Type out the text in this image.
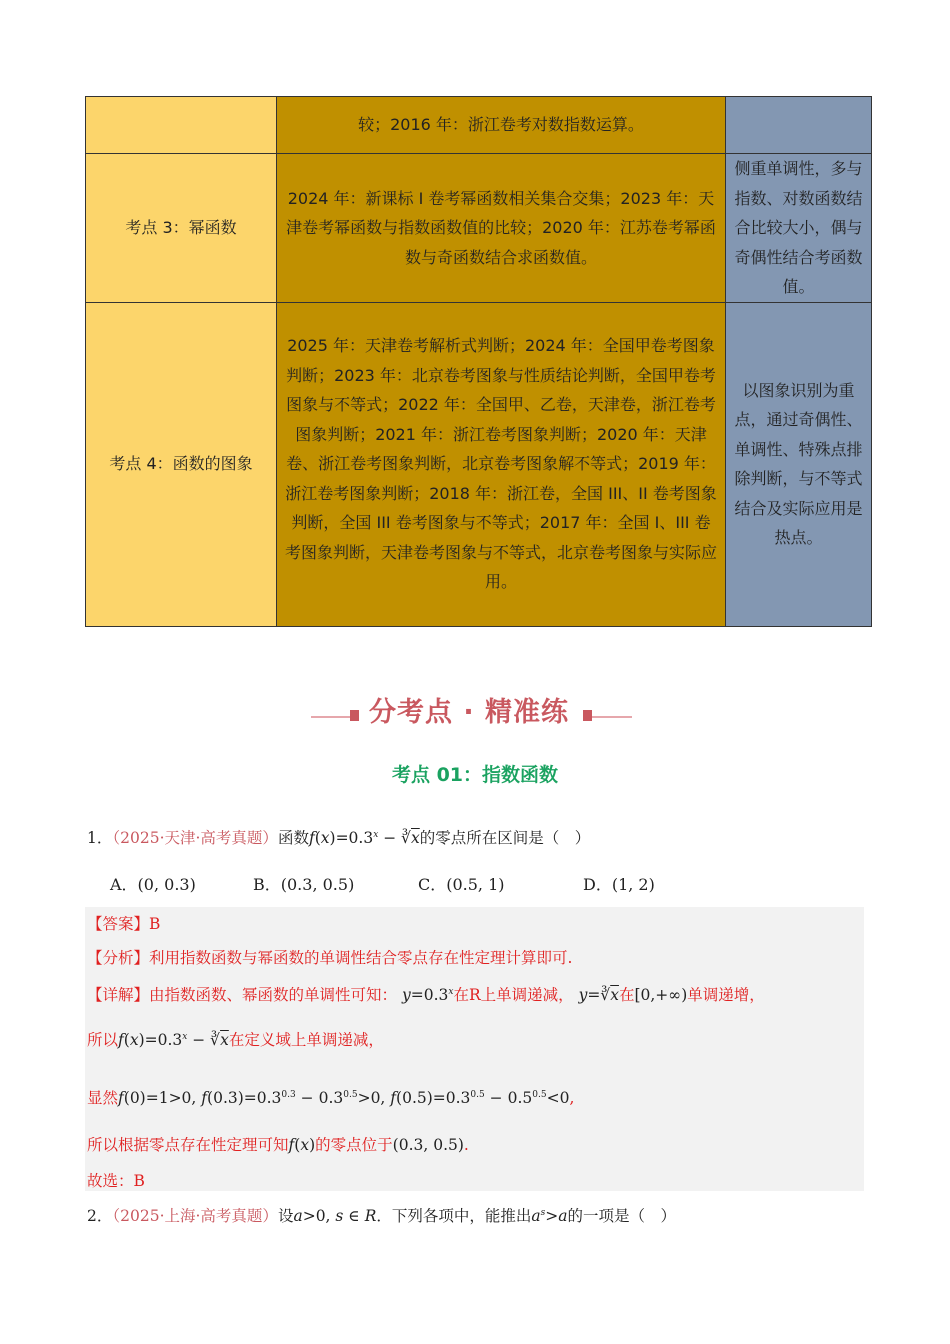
	较；2016 年：浙江卷考对数指数运算。	
考点 3：幂函数	2024 年：新课标 I 卷考幂函数相关集合交集；2023 年：天津卷考幂函数与指数函数值的比较；2020 年：江苏卷考幂函数与奇函数结合求函数值。	侧重单调性，多与指数、对数函数结合比较大小，偶与奇偶性结合考函数值。
考点 4：函数的图象	2025 年：天津卷考解析式判断；2024 年：全国甲卷考图象判断；2023 年：北京卷考图象与性质结论判断，全国甲卷考图象与不等式；2022 年：全国甲、乙卷，天津卷，浙江卷考图象判断；2021 年：浙江卷考图象判断；2020 年：天津卷、浙江卷考图象判断，北京卷考图象解不等式；2019 年：浙江卷考图象判断；2018 年：浙江卷，全国 III、II 卷考图象判断，全国 III 卷考图象与不等式；2017 年：全国 I、III 卷考图象判断，天津卷考图象与不等式，北京卷考图象与实际应用。	以图象识别为重点，通过奇偶性、单调性、特殊点排除判断，与不等式结合及实际应用是热点。
分考点 · 精准练
考点 01：指数函数
1．（2025·天津·高考真题）函数$f(x)=0.3^x$ − $∛\overline{x}$的零点所在区间是（　）
A．(0, 0.3)	B．(0.3, 0.5)	C．(0.5, 1)	D．(1, 2)
【答案】B
【分析】利用指数函数与幂函数的单调性结合零点存在性定理计算即可.
【详解】由指数函数、幂函数的单调性可知： $y=0.3^x$在R上单调递减， $y=∛\overline{x}$在[0,+∞)单调递增，
所以$f(x)=0.3^x$ − $∛\overline{x}$在定义域上单调递减，
显然f(0)=1>0, $f(0.3)=0.3^{0.3} - 0.3^{0.5}>0$, $f(0.5)=0.3^{0.5} - 0.5^{0.5}<0$,
所以根据零点存在性定理可知f(x)的零点位于(0.3, 0.5).
故选：B
2．（2025·上海·高考真题）设a>0, s ∈ R．下列各项中，能推出$a^s>a$的一项是（　）
